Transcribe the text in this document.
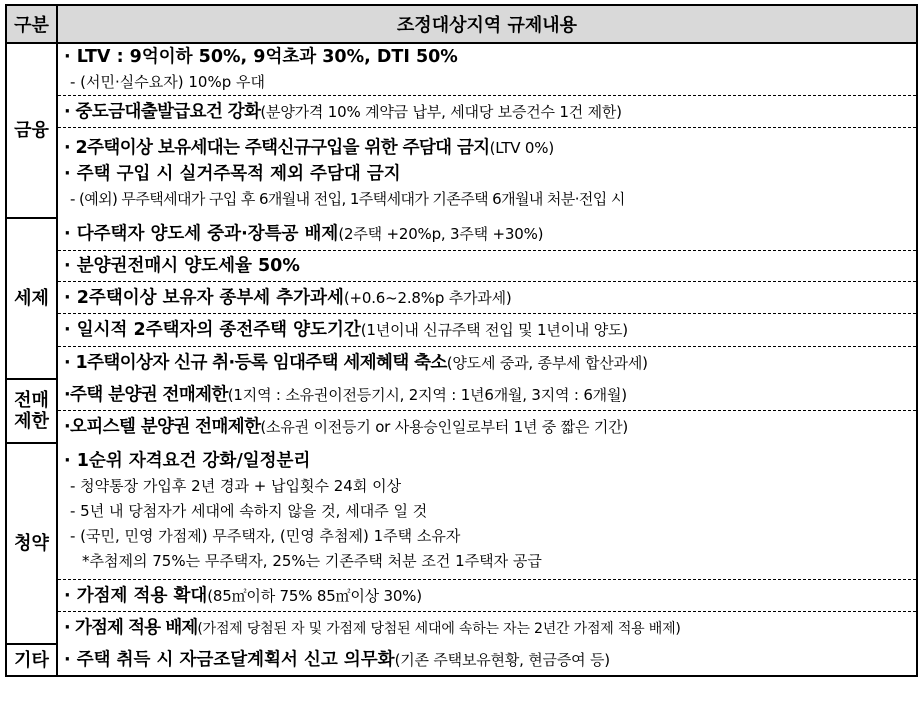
구분	조정대상지역 규제내용
금융	· LTV : 9억이하 50%, 9억초과 30%, DTI 50%
- (서민·실수요자) 10%p 우대

	· 중도금대출발급요건 강화(분양가격 10% 계약금 납부, 세대당 보증건수 1건 제한)

	· 2주택이상 보유세대는 주택신규구입을 위한 주담대 금지(LTV 0%)
· 주택 구입 시 실거주목적 제외 주담대 금지
- (예외) 무주택세대가 구입 후 6개월내 전입, 1주택세대가 기존주택 6개월내 처분·전입 시

세제	· 다주택자 양도세 중과·장특공 배제(2주택 +20%p, 3주택 +30%)

	· 분양권전매시 양도세율 50%

	· 2주택이상 보유자 종부세 추가과세(+0.6~2.8%p 추가과세)

	· 일시적 2주택자의 종전주택 양도기간(1년이내 신규주택 전입 및 1년이내 양도)

	· 1주택이상자 신규 취·등록 임대주택 세제혜택 축소(양도세 중과, 종부세 합산과세)

전매
제한	·주택 분양권 전매제한(1지역 : 소유권이전등기시, 2지역 : 1년6개월, 3지역 : 6개월)

	·오피스텔 분양권 전매제한(소유권 이전등기 or 사용승인일로부터 1년 중 짧은 기간)

청약	· 1순위 자격요건 강화/일정분리
- 청약통장 가입후 2년 경과 + 납입횟수 24회 이상
- 5년 내 당첨자가 세대에 속하지 않을 것, 세대주 일 것
- (국민, 민영 가점제) 무주택자, (민영 추첨제) 1주택 소유자
*추첨제의 75%는 무주택자, 25%는 기존주택 처분 조건 1주택자 공급

	· 가점제 적용 확대(85㎡이하 75% 85㎡이상 30%)

	· 가점제 적용 배제(가점제 당첨된 자 및 가점제 당첨된 세대에 속하는 자는 2년간 가점제 적용 배제)

기타	· 주택 취득 시 자금조달계획서 신고 의무화(기존 주택보유현황, 현금증여 등)
